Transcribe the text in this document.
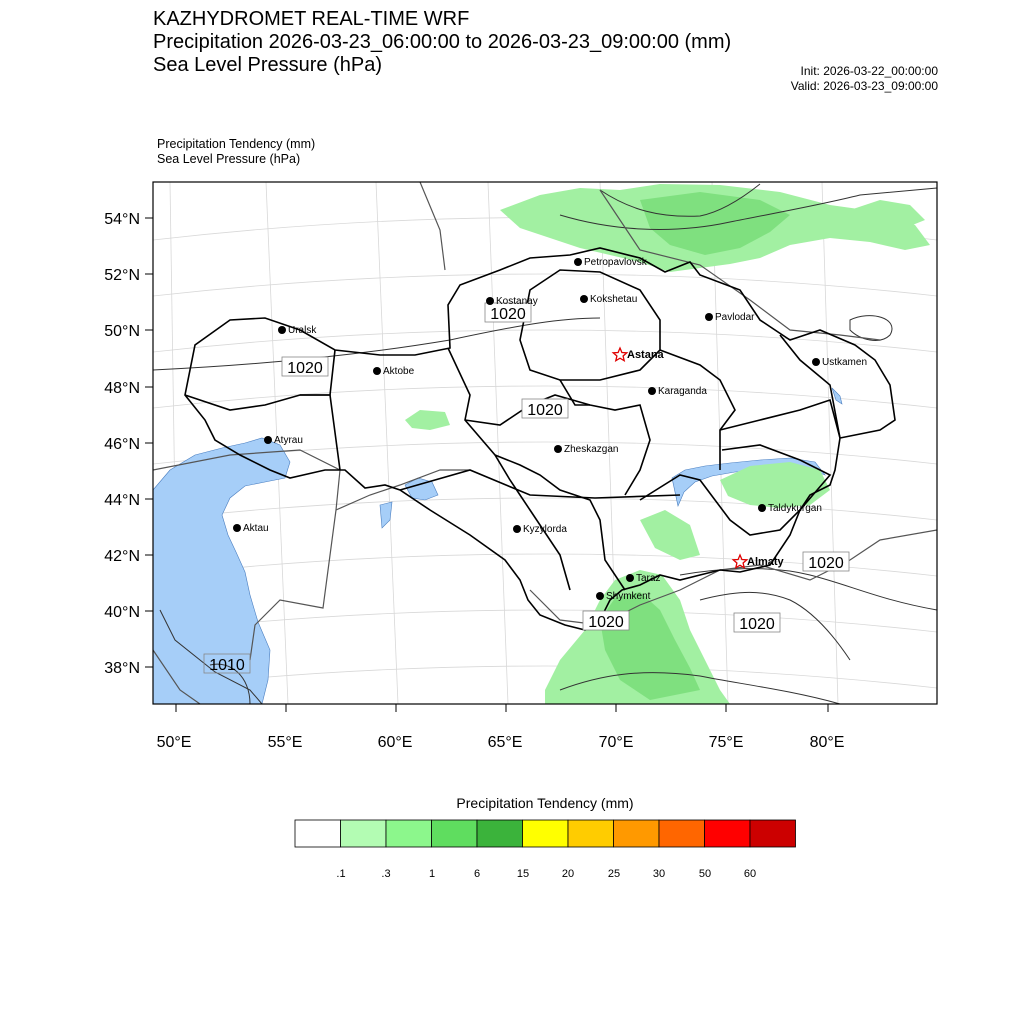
KAZHYDROMET REAL-TIME WRF
Precipitation 2026-03-23_06:00:00 to 2026-03-23_09:00:00 (mm)
Sea Level Pressure (hPa)	Init: 2026-03-22_00:00:00
Valid: 2026-03-23_09:00:00
Precipitation Tendency (mm)
Sea Level Pressure (hPa)
54°N
52°N
50°N
48°N
46°N
44°N
42°N
40°N
38°N
50°E	55°E	60°E	65°E	70°E	75°E	80°E
1020
1020
1020
1020
1020	1020
1010
Petropavlovsk
Kostanay	Kokshetau
Pavlodar
Uralsk
Aktobe
Astana
Ustkamen
Karaganda
Atyrau
Zheskazgan
Aktau	Kyzylorda
Taldykurgan
Almaty
Taraz
Shymkent
.1	.3	1	6	15	20	25	30	50	60
Precipitation Tendency (mm)
